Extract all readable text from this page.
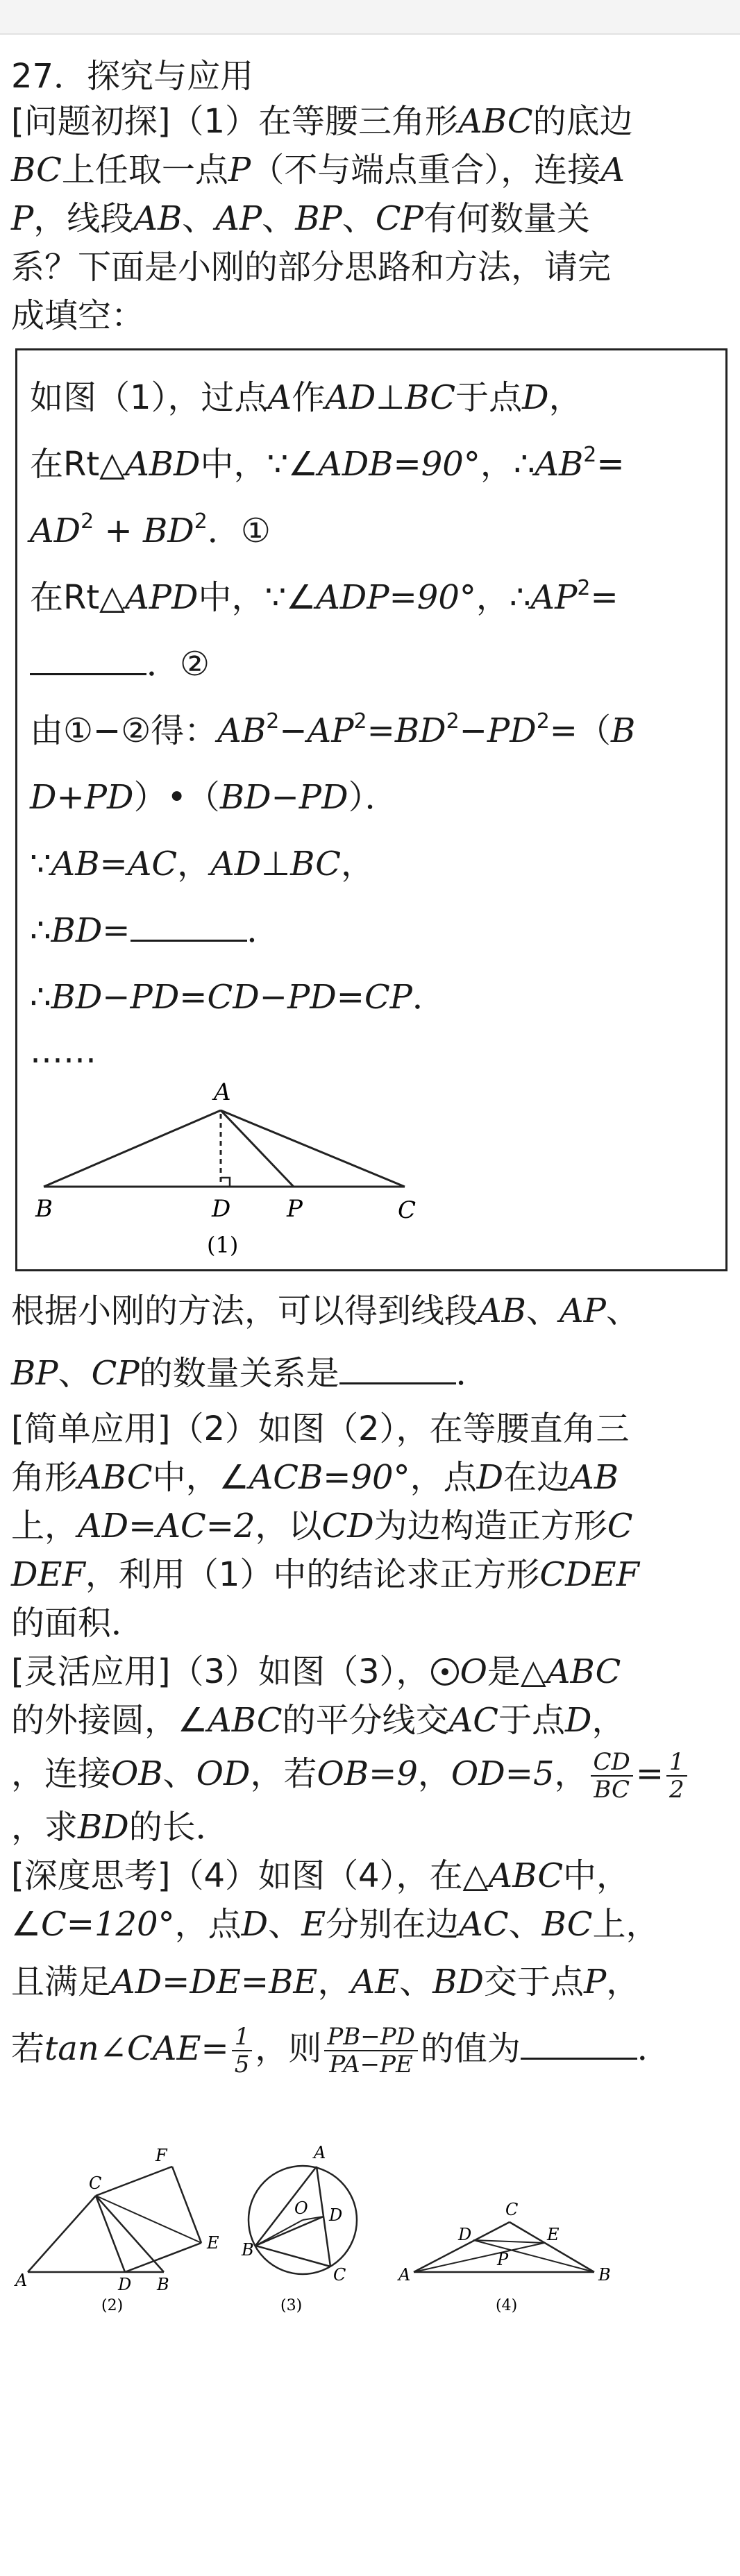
27．探究与应用
[问题初探]（1）在等腰三角形ABC的底边
BC上任取一点P（不与端点重合），连接A
P，线段AB、AP、BP、CP有何数量关
系？下面是小刚的部分思路和方法，请完
成填空：
如图（1），过点A作AD⊥BC于点D，
在Rt△ABD中，∵∠ADB=90°，$\therefore AB^2=$
$AD^2 + BD^2$．①
在Rt△APD中，∵∠ADP=90°，$\therefore AP^2=$
．②
由①−②得：$AB^2-AP^2=BD^2-PD^2=(B$
D+PD）•（BD−PD）．
∵AB=AC，AD⊥BC，
∴BD=	．
∴BD−PD=CD−PD=CP．
……
A
B	D P	C
(1)
根据小刚的方法，可以得到线段AB、AP、
BP、CP的数量关系是	．
[简单应用]（2）如图（2），在等腰直角三
角形ABC中，∠ACB=90°，点D在边AB
上，AD=AC=2，以CD为边构造正方形C
DEF，利用（1）中的结论求正方形CDEF
的面积．
[灵活应用]（3）如图（3）， O是△ABC
的外接圆，∠ABC的平分线交AC于点D，
，连接OB、OD，若OB=9，OD=5， $\frac{CD}{BC} = \frac{1}{2}$
，求BD的长．
[深度思考]（4）如图（4），在△ABC中，
∠C=120°，点D、E分别在边AC、BC上，
且满足AD=DE=BE，AE、BD交于点P，
若tan∠CAE= $\frac{1}{5}$ ，则 $\frac{PB-PD}{PA-PE}$ 的值为	．
C
F
E
A	D B
(2)
A
O D
B
C
(3)
C
D	E
P
A	B
(4)
